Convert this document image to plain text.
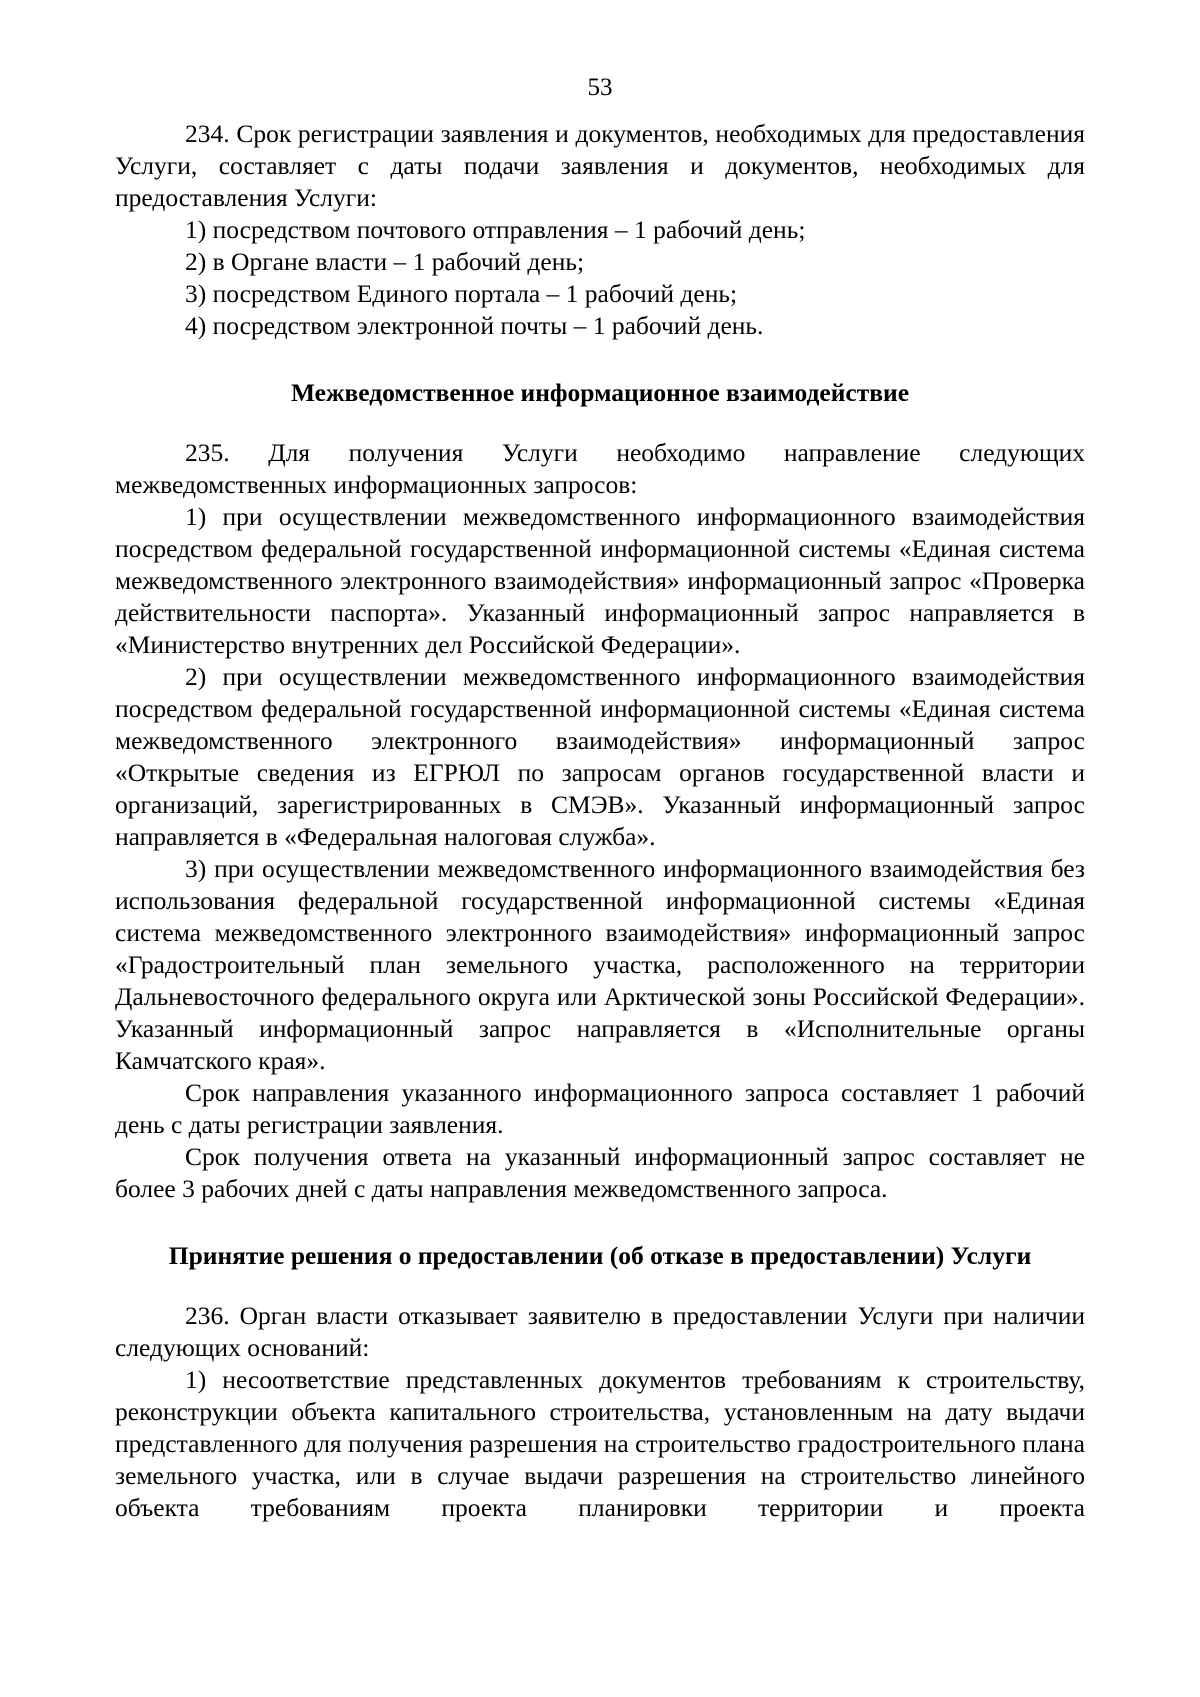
53

234. Срок регистрации заявления и документов, необходимых для предоставления Услуги, составляет с даты подачи заявления и документов, необходимых для предоставления Услуги:

1) посредством почтового отправления – 1 рабочий день;

2) в Органе власти – 1 рабочий день;

3) посредством Единого портала – 1 рабочий день;

4) посредством электронной почты – 1 рабочий день.

Межведомственное информационное взаимодействие

235. Для получения Услуги необходимо направление следующих межведомственных информационных запросов:

1) при осуществлении межведомственного информационного взаимодействия посредством федеральной государственной информационной системы «Единая система межведомственного электронного взаимодействия» информационный запрос «Проверка действительности паспорта». Указанный информационный запрос направляется в «Министерство внутренних дел Российской Федерации».

2) при осуществлении межведомственного информационного взаимодействия посредством федеральной государственной информационной системы «Единая система межведомственного электронного взаимодействия» информационный запрос «Открытые сведения из ЕГРЮЛ по запросам органов государственной власти и организаций, зарегистрированных в СМЭВ». Указанный информационный запрос направляется в «Федеральная налоговая служба».

3) при осуществлении межведомственного информационного взаимодействия без использования федеральной государственной информационной системы «Единая система межведомственного электронного взаимодействия» информационный запрос «Градостроительный план земельного участка, расположенного на территории Дальневосточного федерального округа или Арктической зоны Российской Федерации». Указанный информационный запрос направляется в «Исполнительные органы Камчатского края».

Срок направления указанного информационного запроса составляет 1 рабочий день с даты регистрации заявления.

Срок получения ответа на указанный информационный запрос составляет не более 3 рабочих дней с даты направления межведомственного запроса.

Принятие решения о предоставлении (об отказе в предоставлении) Услуги

236. Орган власти отказывает заявителю в предоставлении Услуги при наличии следующих оснований:

1) несоответствие представленных документов требованиям к строительству, реконструкции объекта капитального строительства, установленным на дату выдачи представленного для получения разрешения на строительство градостроительного плана земельного участка, или в случае выдачи разрешения на строительство линейного объекта требованиям проекта планировки территории и проекта
